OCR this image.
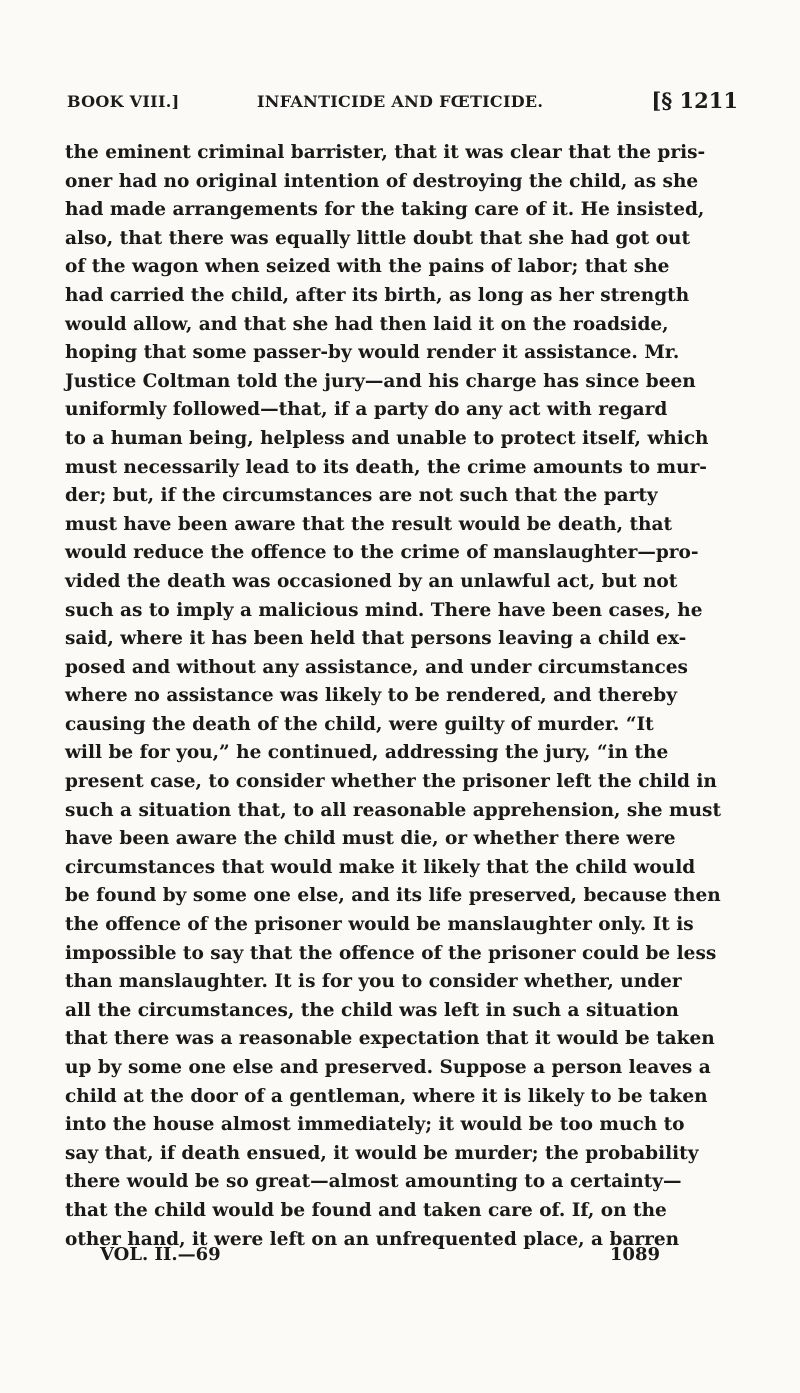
BOOK VIII.]	INFANTICIDE AND FŒTICIDE.	[§ 1211
the eminent criminal barrister, that it was clear that the pris-
oner had no original intention of destroying the child, as she
had made arrangements for the taking care of it. He insisted,
also, that there was equally little doubt that she had got out
of the wagon when seized with the pains of labor; that she
had carried the child, after its birth, as long as her strength
would allow, and that she had then laid it on the roadside,
hoping that some passer-by would render it assistance. Mr.
Justice Coltman told the jury—and his charge has since been
uniformly followed—that, if a party do any act with regard
to a human being, helpless and unable to protect itself, which
must necessarily lead to its death, the crime amounts to mur-
der; but, if the circumstances are not such that the party
must have been aware that the result would be death, that
would reduce the offence to the crime of manslaughter—pro-
vided the death was occasioned by an unlawful act, but not
such as to imply a malicious mind. There have been cases, he
said, where it has been held that persons leaving a child ex-
posed and without any assistance, and under circumstances
where no assistance was likely to be rendered, and thereby
causing the death of the child, were guilty of murder. “It
will be for you,” he continued, addressing the jury, “in the
present case, to consider whether the prisoner left the child in
such a situation that, to all reasonable apprehension, she must
have been aware the child must die, or whether there were
circumstances that would make it likely that the child would
be found by some one else, and its life preserved, because then
the offence of the prisoner would be manslaughter only. It is
impossible to say that the offence of the prisoner could be less
than manslaughter. It is for you to consider whether, under
all the circumstances, the child was left in such a situation
that there was a reasonable expectation that it would be taken
up by some one else and preserved. Suppose a person leaves a
child at the door of a gentleman, where it is likely to be taken
into the house almost immediately; it would be too much to
say that, if death ensued, it would be murder; the probability
there would be so great—almost amounting to a certainty—
that the child would be found and taken care of. If, on the
other hand, it were left on an unfrequented place, a barren
VOL. II.—69	1089
